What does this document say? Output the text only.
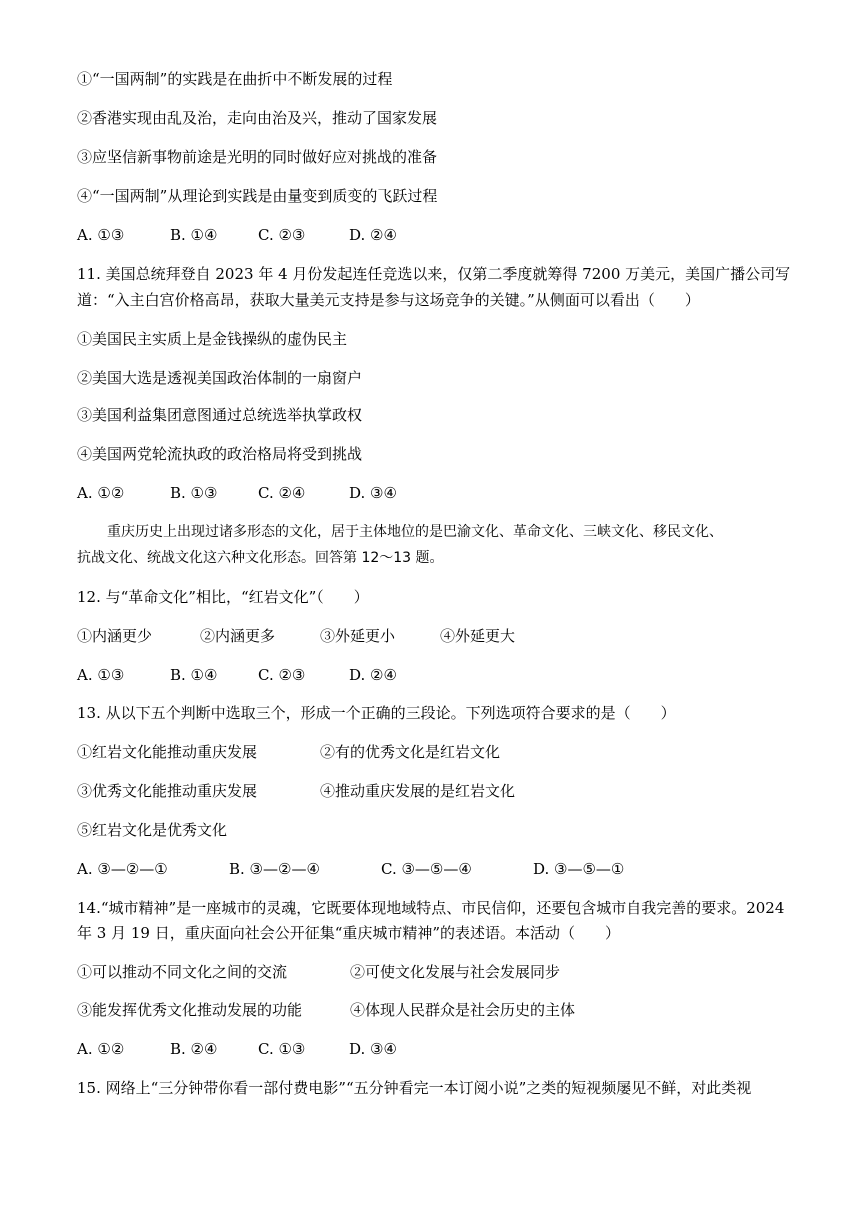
①“一国两制”的实践是在曲折中不断发展的过程
②香港实现由乱及治，走向由治及兴，推动了国家发展
③应坚信新事物前途是光明的同时做好应对挑战的准备
④“一国两制”从理论到实践是由量变到质变的飞跃过程
A. ①③	B. ①④	C. ②③	D. ②④
11. 美国总统拜登自 2023 年 4 月份发起连任竞选以来，仅第二季度就筹得 7200 万美元，美国广播公司写
道：“入主白宫价格高昂，获取大量美元支持是参与这场竞争的关键。”从侧面可以看出（　　）
①美国民主实质上是金钱操纵的虚伪民主
②美国大选是透视美国政治体制的一扇窗户
③美国利益集团意图通过总统选举执掌政权
④美国两党轮流执政的政治格局将受到挑战
A. ①②	B. ①③	C. ②④	D. ③④
重庆历史上出现过诸多形态的文化，居于主体地位的是巴渝文化、革命文化、三峡文化、移民文化、
抗战文化、统战文化这六种文化形态。回答第 12～13 题。
12. 与“革命文化”相比，“红岩文化”（　　）
①内涵更少	②内涵更多	③外延更小	④外延更大
A. ①③	B. ①④	C. ②③	D. ②④
13. 从以下五个判断中选取三个，形成一个正确的三段论。下列选项符合要求的是（　　）
①红岩文化能推动重庆发展	②有的优秀文化是红岩文化
③优秀文化能推动重庆发展	④推动重庆发展的是红岩文化
⑤红岩文化是优秀文化
A. ③—②—①	B. ③—②—④	C. ③—⑤—④	D. ③—⑤—①
14.“城市精神”是一座城市的灵魂，它既要体现地域特点、市民信仰，还要包含城市自我完善的要求。2024
年 3 月 19 日，重庆面向社会公开征集“重庆城市精神”的表述语。本活动（　　）
①可以推动不同文化之间的交流	②可使文化发展与社会发展同步
③能发挥优秀文化推动发展的功能	④体现人民群众是社会历史的主体
A. ①②	B. ②④	C. ①③	D. ③④
15. 网络上“三分钟带你看一部付费电影”“五分钟看完一本订阅小说”之类的短视频屡见不鲜，对此类视
